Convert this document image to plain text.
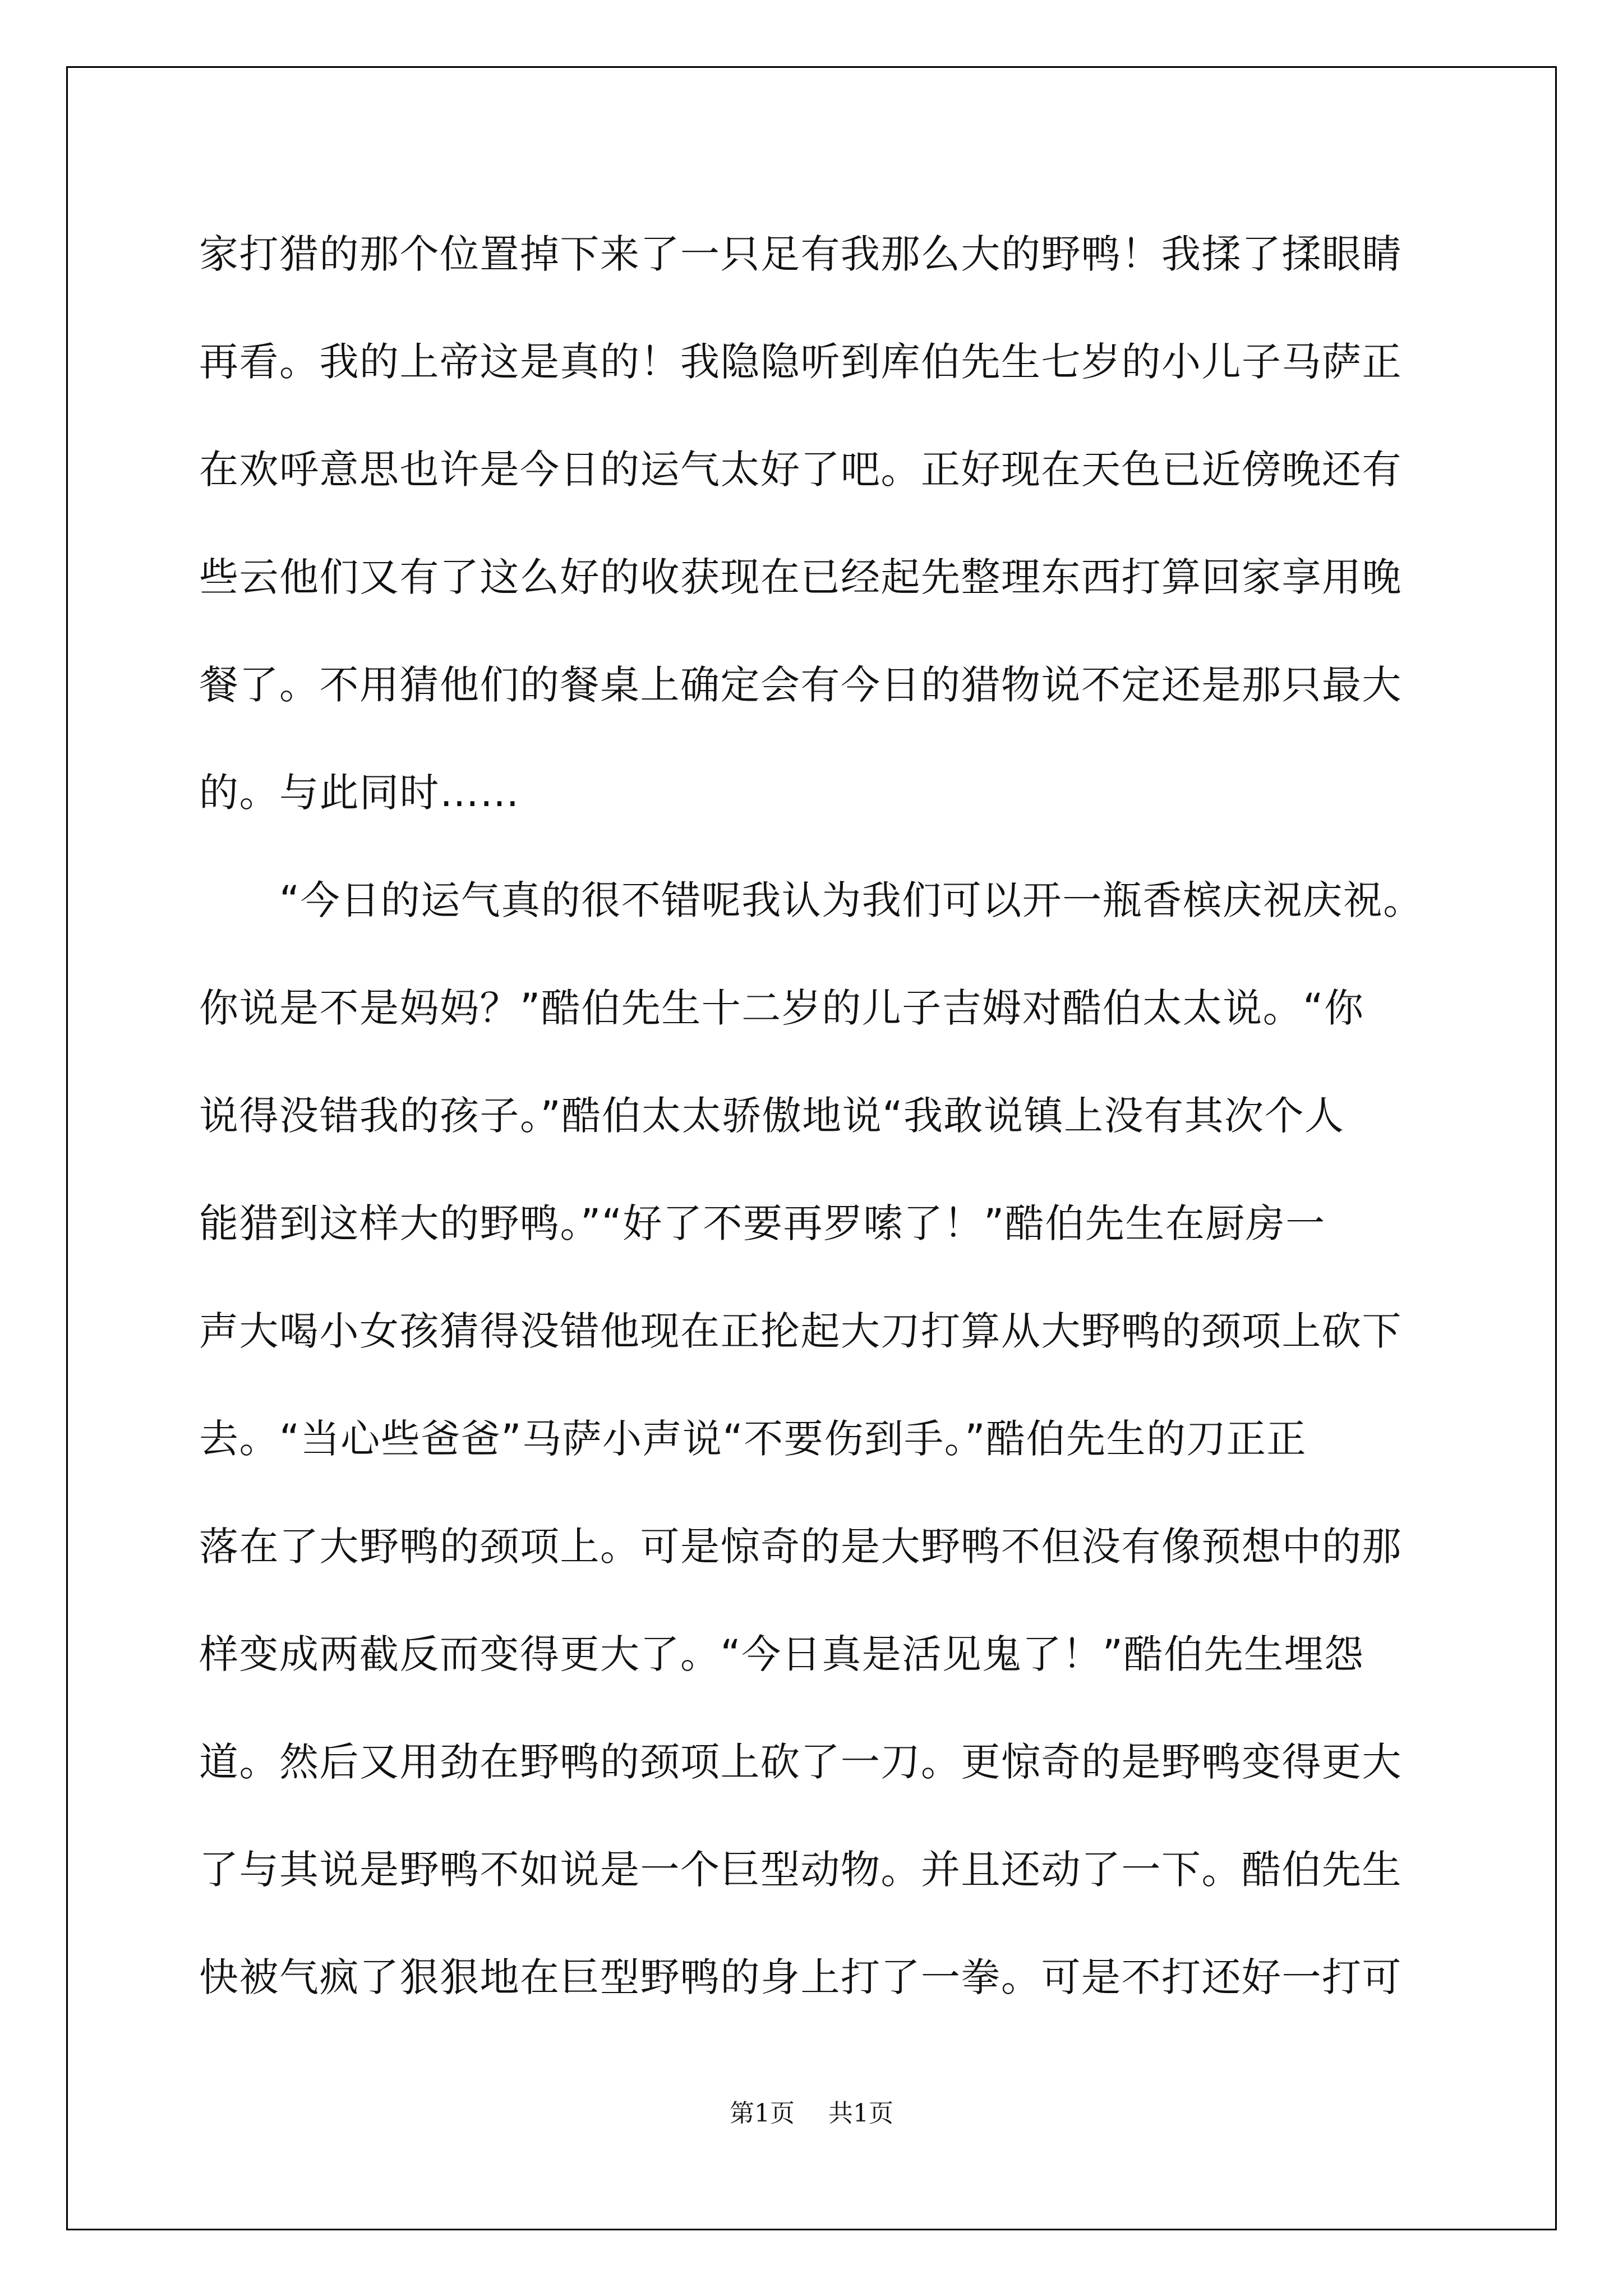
家打猎的那个位置掉下来了一只足有我那么大的野鸭！我揉了揉眼睛
再看。我的上帝这是真的！我隐隐听到库伯先生七岁的小儿子马萨正
在欢呼意思也许是今日的运气太好了吧。正好现在天色已近傍晚还有
些云他们又有了这么好的收获现在已经起先整理东西打算回家享用晚
餐了。不用猜他们的餐桌上确定会有今日的猎物说不定还是那只最大
的。与此同时……
　　“今日的运气真的很不错呢我认为我们可以开一瓶香槟庆祝庆祝。
你说是不是妈妈？”酷伯先生十二岁的儿子吉姆对酷伯太太说。“你
说得没错我的孩子。”酷伯太太骄傲地说“我敢说镇上没有其次个人
能猎到这样大的野鸭。”“好了不要再罗嗦了！”酷伯先生在厨房一
声大喝小女孩猜得没错他现在正抡起大刀打算从大野鸭的颈项上砍下
去。“当心些爸爸”马萨小声说“不要伤到手。”酷伯先生的刀正正
落在了大野鸭的颈项上。可是惊奇的是大野鸭不但没有像预想中的那
样变成两截反而变得更大了。“今日真是活见鬼了！”酷伯先生埋怨
道。然后又用劲在野鸭的颈项上砍了一刀。更惊奇的是野鸭变得更大
了与其说是野鸭不如说是一个巨型动物。并且还动了一下。酷伯先生
快被气疯了狠狠地在巨型野鸭的身上打了一拳。可是不打还好一打可
第1页 共1页
